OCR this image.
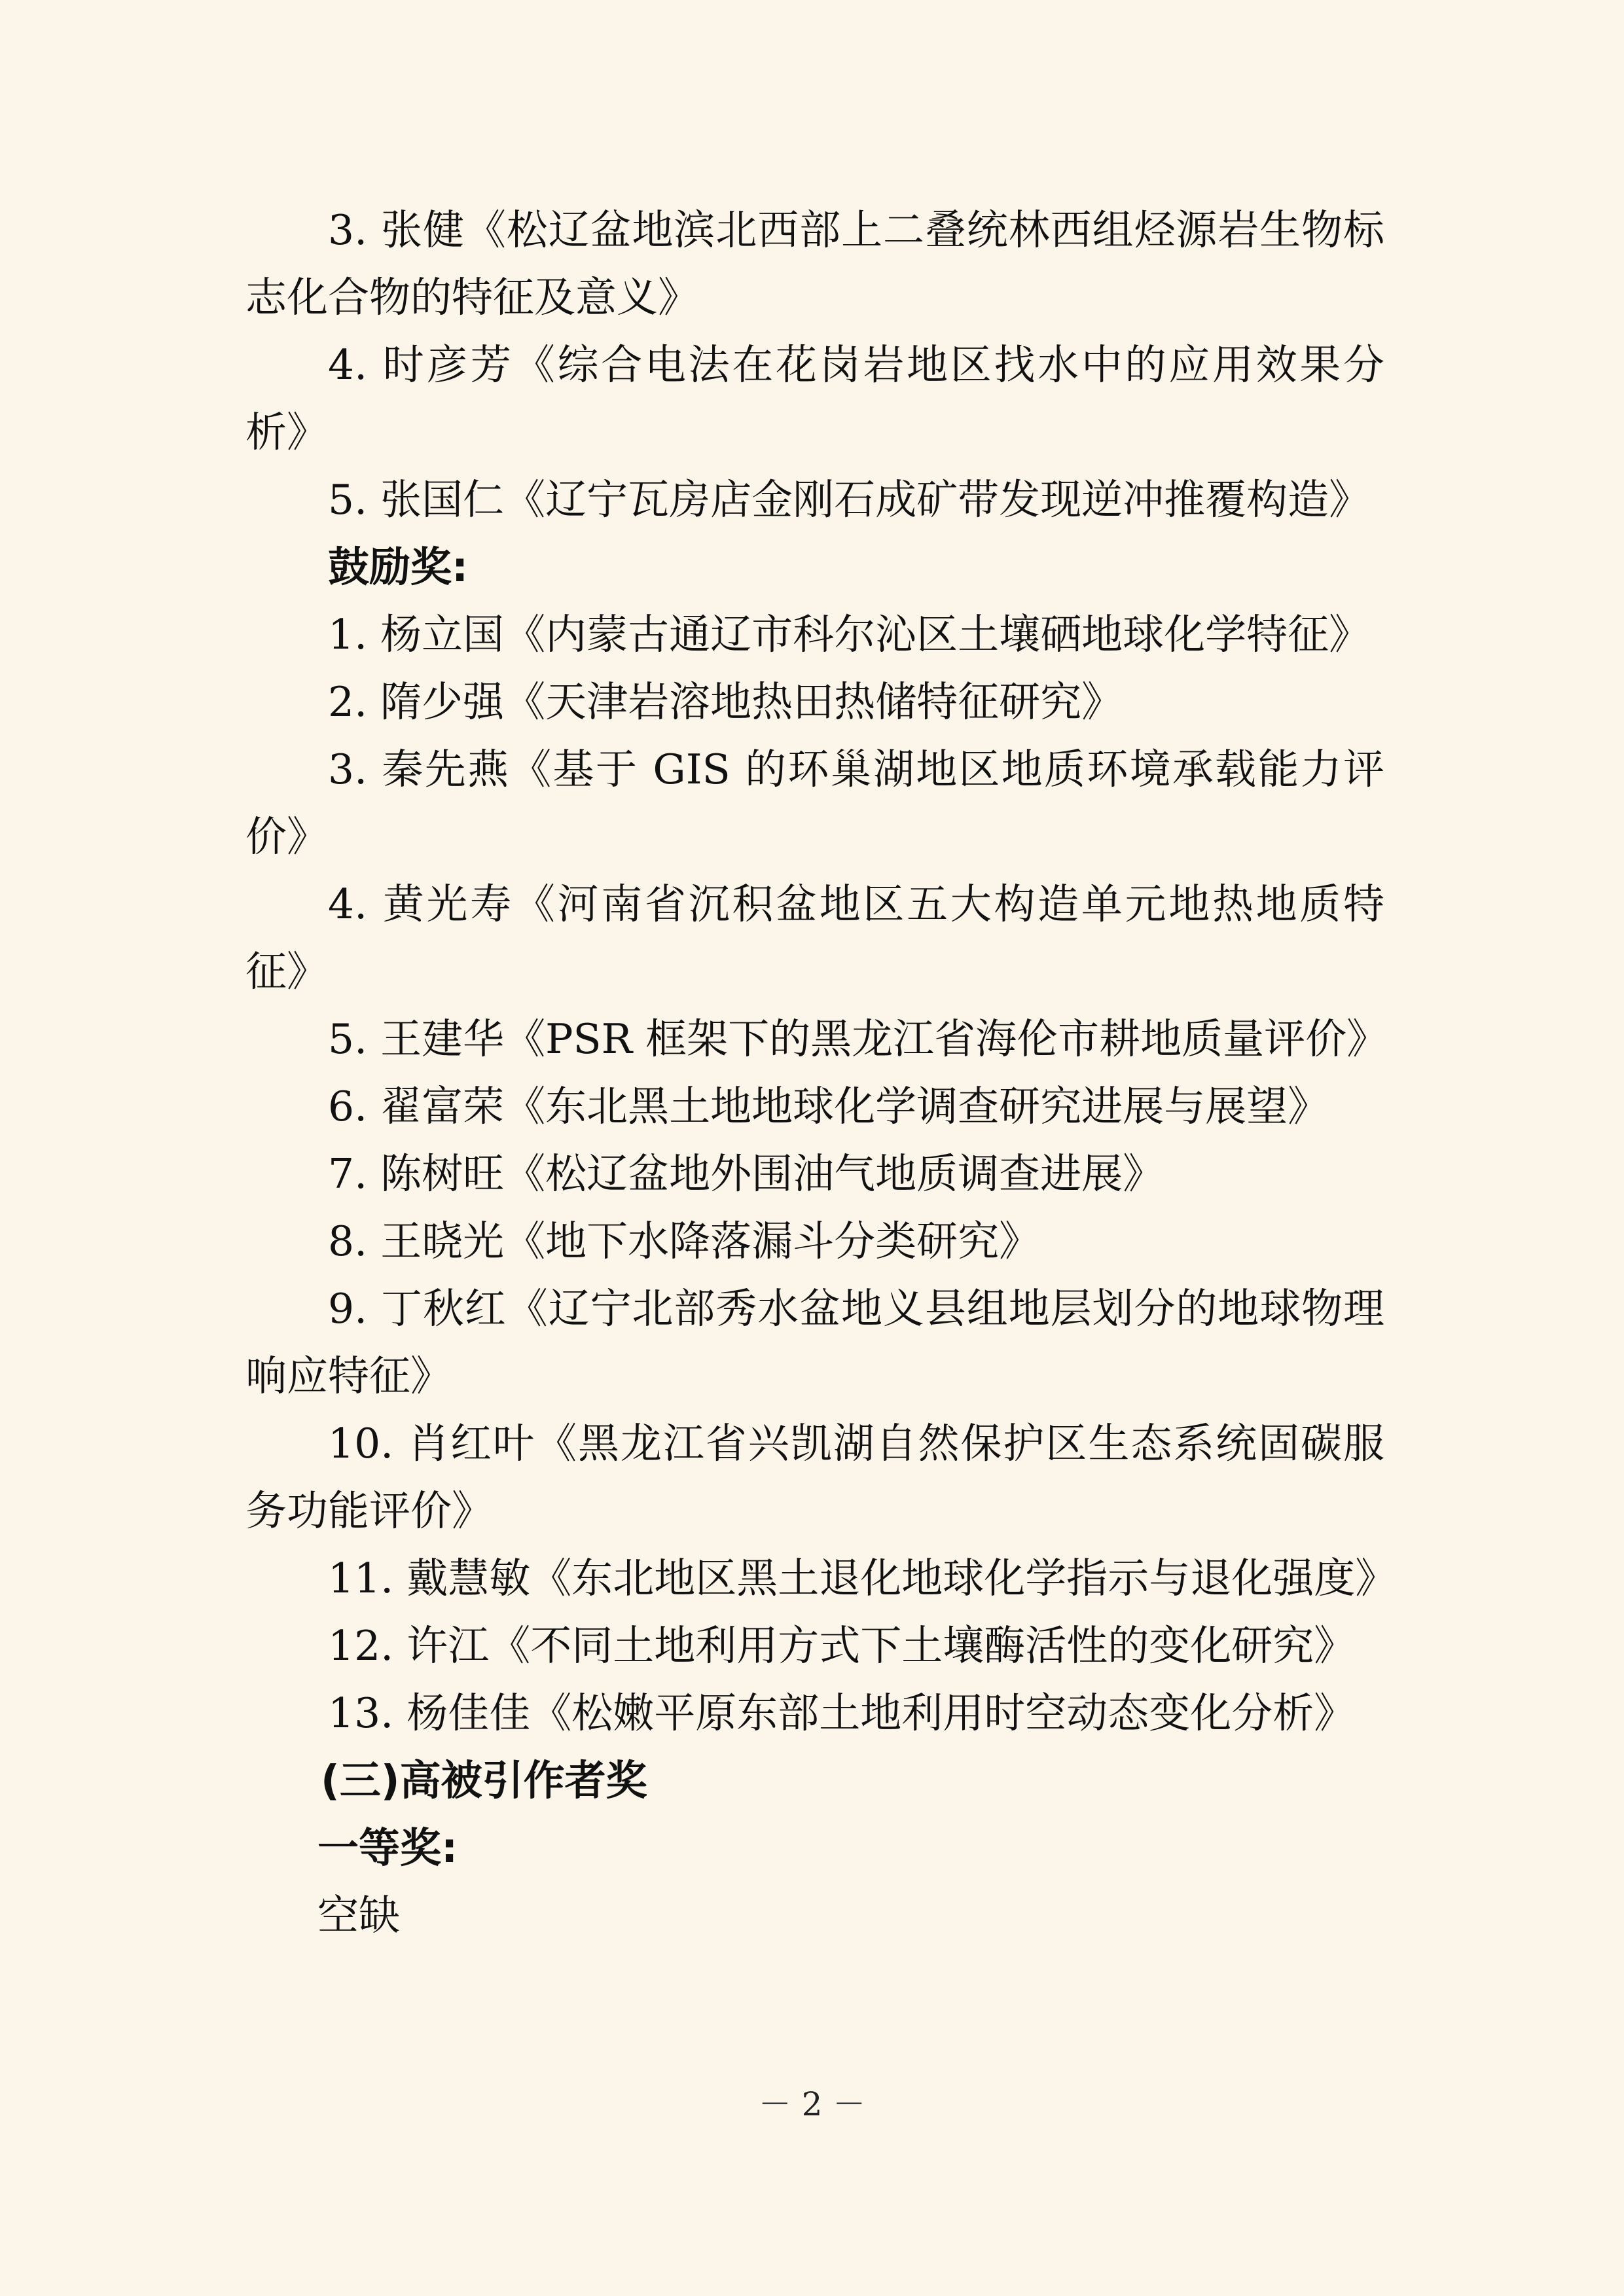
3. 张健《松辽盆地滨北西部上二叠统林西组烃源岩生物标志化合物的特征及意义》

4. 时彦芳《综合电法在花岗岩地区找水中的应用效果分析》

5. 张国仁《辽宁瓦房店金刚石成矿带发现逆冲推覆构造》

鼓励奖:

1. 杨立国《内蒙古通辽市科尔沁区土壤硒地球化学特征》

2. 隋少强《天津岩溶地热田热储特征研究》

3. 秦先燕《基于 GIS 的环巢湖地区地质环境承载能力评价》

4. 黄光寿《河南省沉积盆地区五大构造单元地热地质特征》

5. 王建华《PSR 框架下的黑龙江省海伦市耕地质量评价》

6. 翟富荣《东北黑土地地球化学调查研究进展与展望》

7. 陈树旺《松辽盆地外围油气地质调查进展》

8. 王晓光《地下水降落漏斗分类研究》

9. 丁秋红《辽宁北部秀水盆地义县组地层划分的地球物理响应特征》

10. 肖红叶《黑龙江省兴凯湖自然保护区生态系统固碳服务功能评价》

11. 戴慧敏《东北地区黑土退化地球化学指示与退化强度》

12. 许江《不同土地利用方式下土壤酶活性的变化研究》

13. 杨佳佳《松嫩平原东部土地利用时空动态变化分析》

(三)高被引作者奖

一等奖:

空缺

－ 2 －
